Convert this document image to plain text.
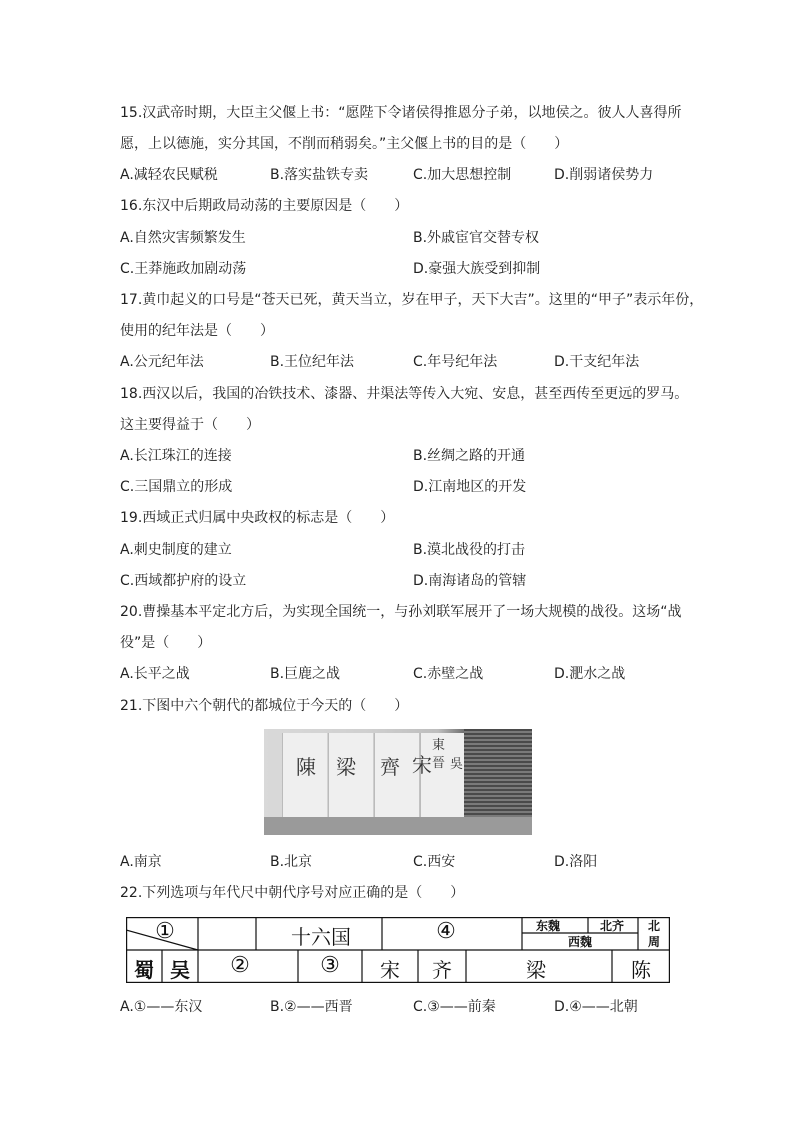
15.汉武帝时期，大臣主父偃上书：“愿陛下令诸侯得推恩分子弟，以地侯之。彼人人喜得所
愿，上以德施，实分其国，不削而稍弱矣。”主父偃上书的目的是（　　）
A.减轻农民赋税	B.落实盐铁专卖	C.加大思想控制	D.削弱诸侯势力
16.东汉中后期政局动荡的主要原因是（　　）
A.自然灾害频繁发生	B.外戚宦官交替专权
C.王莽施政加剧动荡	D.豪强大族受到抑制
17.黄巾起义的口号是“苍天已死，黄天当立，岁在甲子，天下大吉”。这里的“甲子”表示年份，
使用的纪年法是（　　）
A.公元纪年法	B.王位纪年法	C.年号纪年法	D.干支纪年法
18.西汉以后，我国的冶铁技术、漆器、井渠法等传入大宛、安息，甚至西传至更远的罗马。
这主要得益于（　　）
A.长江珠江的连接	B.丝绸之路的开通
C.三国鼎立的形成	D.江南地区的开发
19.西域正式归属中央政权的标志是（　　）
A.刺史制度的建立	B.漠北战役的打击
C.西域都护府的设立	D.南海诸岛的管辖
20.曹操基本平定北方后，为实现全国统一，与孙刘联军展开了一场大规模的战役。这场“战
役”是（　　）
A.长平之战	B.巨鹿之战	C.赤壁之战	D.淝水之战
21.下图中六个朝代的都城位于今天的（　　）
陳 梁 齊 宋
東晉 吳
A.南京	B.北京	C.西安	D.洛阳
22.下列选项与年代尺中朝代序号对应正确的是（　　）
①	十六国	④	东魏	北齐	北
西魏	周
蜀 吴	②	③	宋	齐	梁	陈
A.①——东汉	B.②——西晋	C.③——前秦	D.④——北朝
